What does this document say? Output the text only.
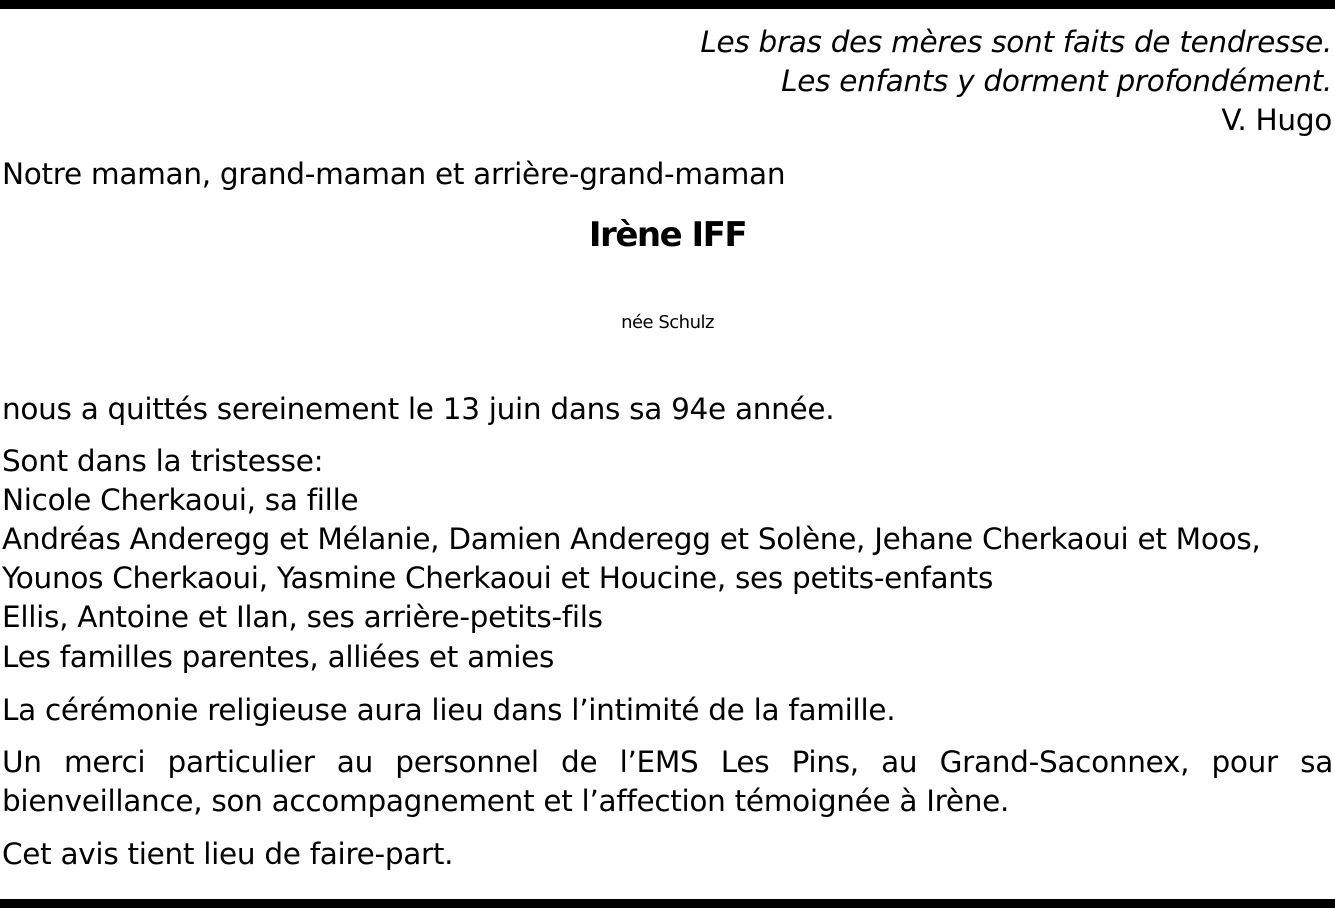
Les bras des mères sont faits de tendresse.
Les enfants y dorment profondément.
V. Hugo
Notre maman, grand-maman et arrière-grand-maman
Irène IFF
née Schulz
nous a quittés sereinement le 13 juin dans sa 94e année.
Sont dans la tristesse:
Nicole Cherkaoui, sa fille
Andréas Anderegg et Mélanie, Damien Anderegg et Solène, Jehane Cherkaoui et Moos,
Younos Cherkaoui, Yasmine Cherkaoui et Houcine, ses petits-enfants
Ellis, Antoine et Ilan, ses arrière-petits-fils
Les familles parentes, alliées et amies
La cérémonie religieuse aura lieu dans l’intimité de la famille.
Un merci particulier au personnel de l’EMS Les Pins, au Grand-Saconnex, pour sa
bienveillance, son accompagnement et l’affection témoignée à Irène.
Cet avis tient lieu de faire-part.
